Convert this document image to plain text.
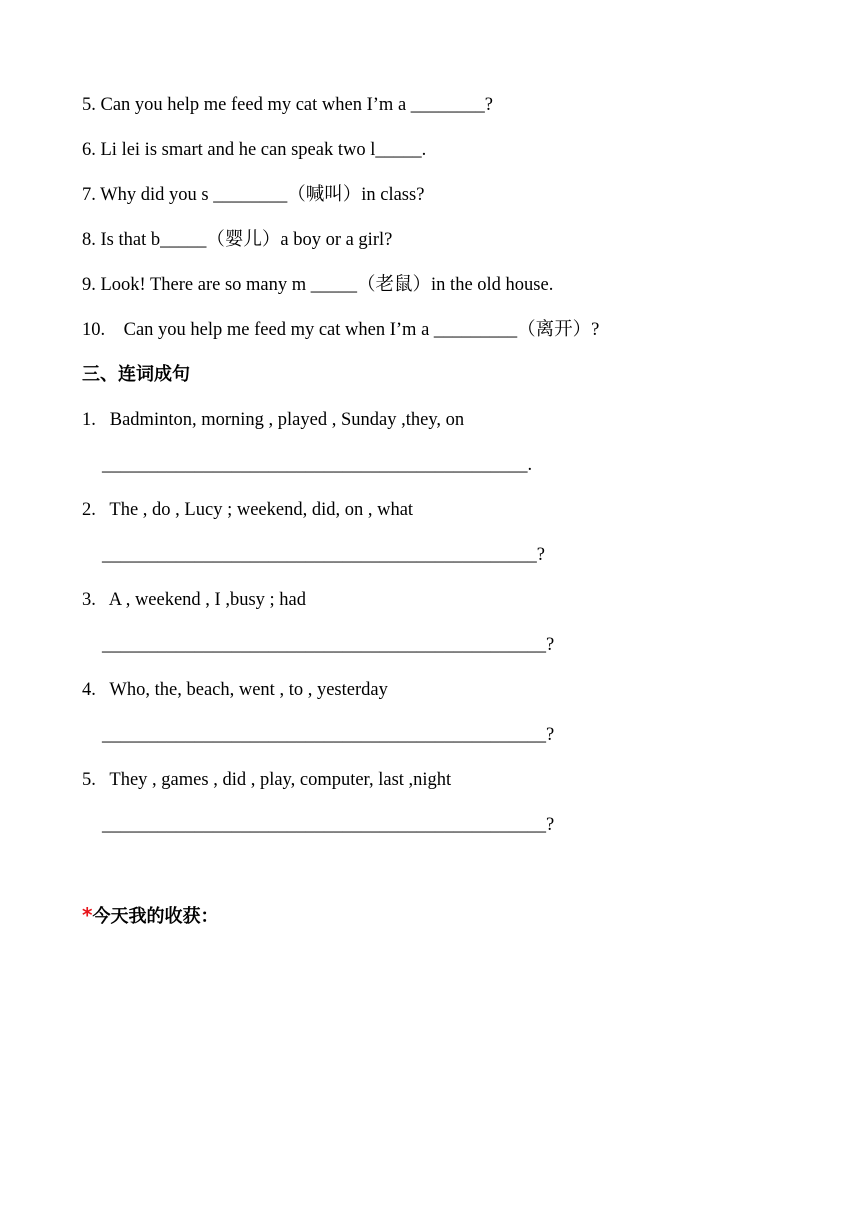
5. Can you help me feed my cat when I’m a ________?
6. Li lei is smart and he can speak two l_____.
7. Why did you s ________（喊叫）in class?
8. Is that b_____（婴儿）a boy or a girl?
9. Look! There are so many m _____（老鼠）in the old house.
10.    Can you help me feed my cat when I’m a _________（离开）?
三、连词成句
1.   Badminton, morning , played , Sunday ,they, on
______________________________________________.
2.   The , do , Lucy ; weekend, did, on , what
_______________________________________________?
3.   A , weekend , I ,busy ; had
________________________________________________?
4.   Who, the, beach, went , to , yesterday
________________________________________________?
5.   They , games , did , play, computer, last ,night
________________________________________________?
*今天我的收获：
